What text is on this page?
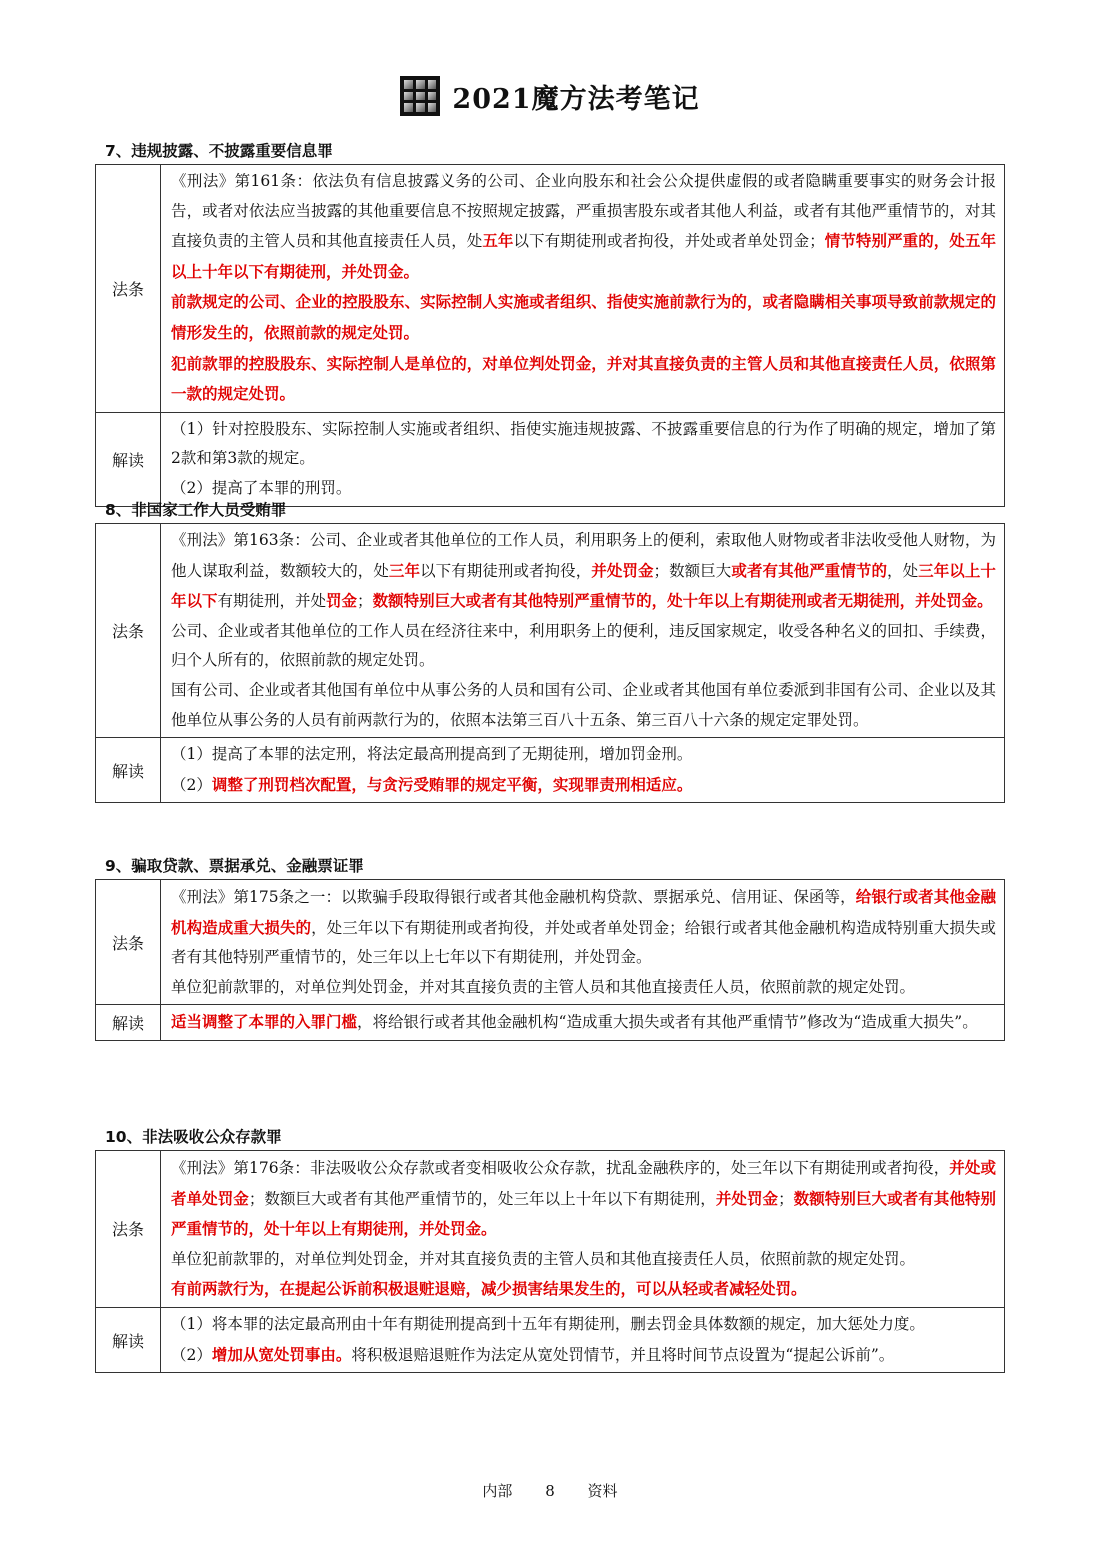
2021魔方法考笔记
7、违规披露、不披露重要信息罪
法条	《刑法》第161条：依法负有信息披露义务的公司、企业向股东和社会公众提供虚假的或者隐瞒重要事实的财务会计报告，或者对依法应当披露的其他重要信息不按照规定披露，严重损害股东或者其他人利益，或者有其他严重情节的，对其直接负责的主管人员和其他直接责任人员，处五年以下有期徒刑或者拘役，并处或者单处罚金；情节特别严重的，处五年以上十年以下有期徒刑，并处罚金。

前款规定的公司、企业的控股股东、实际控制人实施或者组织、指使实施前款行为的，或者隐瞒相关事项导致前款规定的情形发生的，依照前款的规定处罚。

犯前款罪的控股股东、实际控制人是单位的，对单位判处罚金，并对其直接负责的主管人员和其他直接责任人员，依照第一款的规定处罚。

解读	（1）针对控股股东、实际控制人实施或者组织、指使实施违规披露、不披露重要信息的行为作了明确的规定，增加了第2款和第3款的规定。

（2）提高了本罪的刑罚。

8、非国家工作人员受贿罪
法条	《刑法》第163条：公司、企业或者其他单位的工作人员，利用职务上的便利，索取他人财物或者非法收受他人财物，为他人谋取利益，数额较大的，处三年以下有期徒刑或者拘役，并处罚金；数额巨大或者有其他严重情节的，处三年以上十年以下有期徒刑，并处罚金；数额特别巨大或者有其他特别严重情节的，处十年以上有期徒刑或者无期徒刑，并处罚金。

公司、企业或者其他单位的工作人员在经济往来中，利用职务上的便利，违反国家规定，收受各种名义的回扣、手续费，归个人所有的，依照前款的规定处罚。

国有公司、企业或者其他国有单位中从事公务的人员和国有公司、企业或者其他国有单位委派到非国有公司、企业以及其他单位从事公务的人员有前两款行为的，依照本法第三百八十五条、第三百八十六条的规定定罪处罚。

解读	（1）提高了本罪的法定刑，将法定最高刑提高到了无期徒刑，增加罚金刑。

（2）调整了刑罚档次配置，与贪污受贿罪的规定平衡，实现罪责刑相适应。

9、骗取贷款、票据承兑、金融票证罪
法条	《刑法》第175条之一：以欺骗手段取得银行或者其他金融机构贷款、票据承兑、信用证、保函等，给银行或者其他金融机构造成重大损失的，处三年以下有期徒刑或者拘役，并处或者单处罚金；给银行或者其他金融机构造成特别重大损失或者有其他特别严重情节的，处三年以上七年以下有期徒刑，并处罚金。

单位犯前款罪的，对单位判处罚金，并对其直接负责的主管人员和其他直接责任人员，依照前款的规定处罚。

解读	适当调整了本罪的入罪门槛，将给银行或者其他金融机构“造成重大损失或者有其他严重情节”修改为“造成重大损失”。

10、非法吸收公众存款罪
法条	《刑法》第176条：非法吸收公众存款或者变相吸收公众存款，扰乱金融秩序的，处三年以下有期徒刑或者拘役，并处或者单处罚金；数额巨大或者有其他严重情节的，处三年以上十年以下有期徒刑，并处罚金；数额特别巨大或者有其他特别严重情节的，处十年以上有期徒刑，并处罚金。

单位犯前款罪的，对单位判处罚金，并对其直接负责的主管人员和其他直接责任人员，依照前款的规定处罚。

有前两款行为，在提起公诉前积极退赃退赔，减少损害结果发生的，可以从轻或者减轻处罚。

解读	（1）将本罪的法定最高刑由十年有期徒刑提高到十五年有期徒刑，删去罚金具体数额的规定，加大惩处力度。

（2）增加从宽处罚事由。将积极退赔退赃作为法定从宽处罚情节，并且将时间节点设置为“提起公诉前”。

内部 8 资料
